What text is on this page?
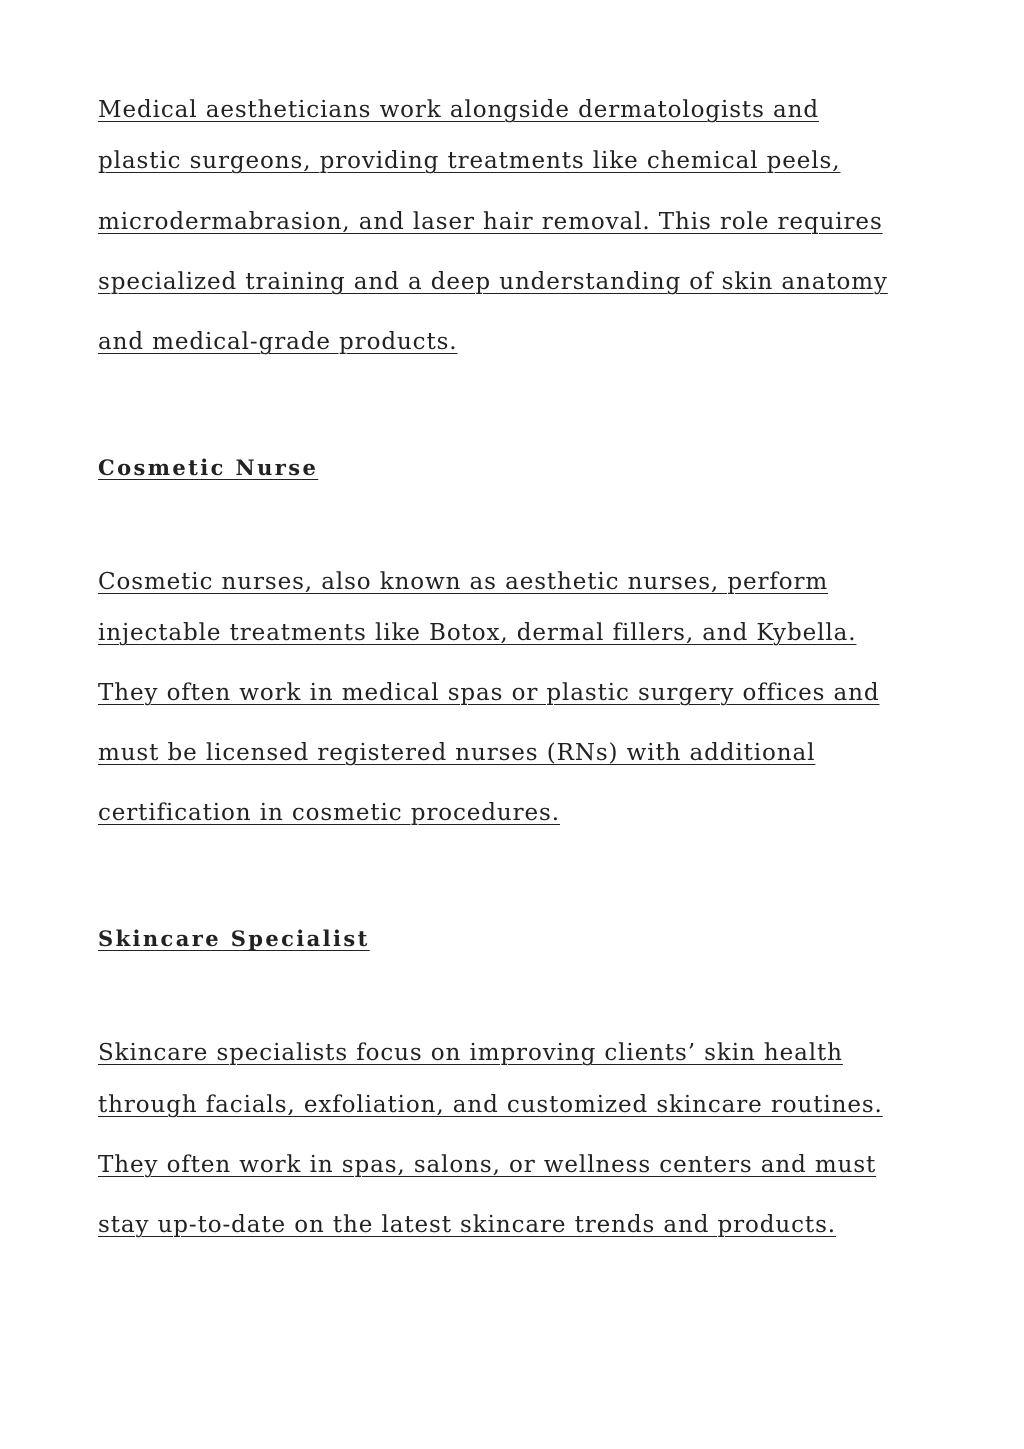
Medical aestheticians work alongside dermatologists and
plastic surgeons, providing treatments like chemical peels,
microdermabrasion, and laser hair removal. This role requires
specialized training and a deep understanding of skin anatomy
and medical-grade products.
Cosmetic Nurse
Cosmetic nurses, also known as aesthetic nurses, perform
injectable treatments like Botox, dermal fillers, and Kybella.
They often work in medical spas or plastic surgery offices and
must be licensed registered nurses (RNs) with additional
certification in cosmetic procedures.
Skincare Specialist
Skincare specialists focus on improving clients’ skin health
through facials, exfoliation, and customized skincare routines.
They often work in spas, salons, or wellness centers and must
stay up-to-date on the latest skincare trends and products.
